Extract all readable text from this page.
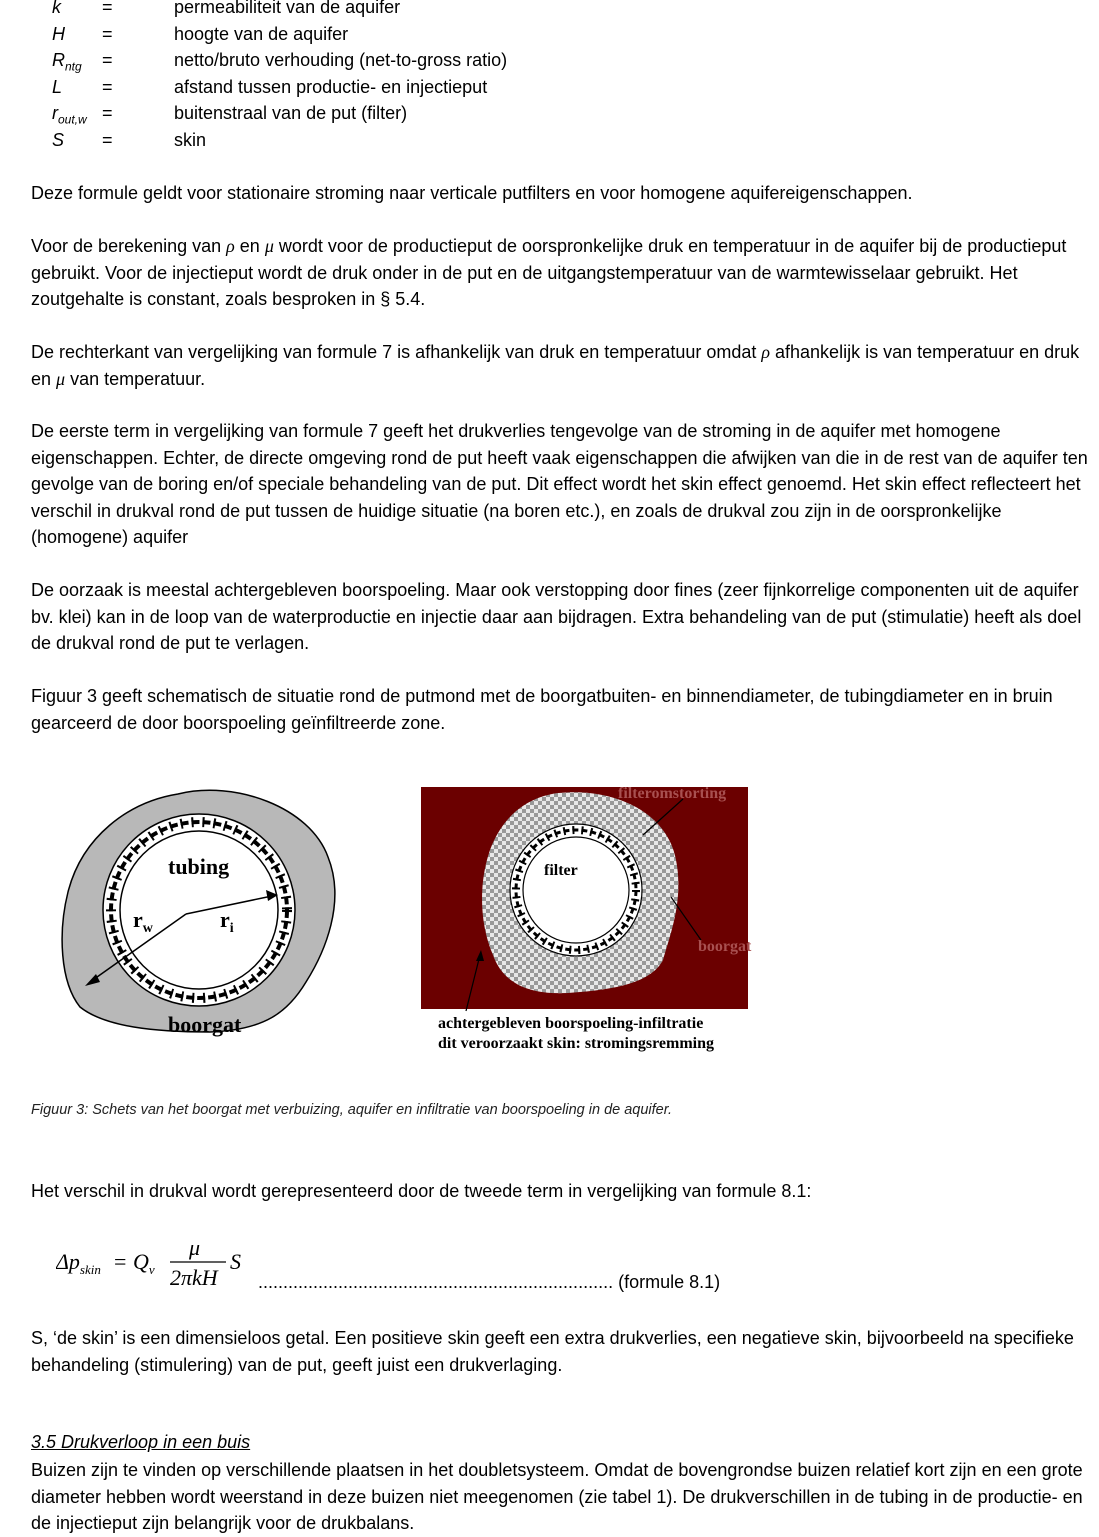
k =	permeabiliteit van de aquifer
H =	hoogte van de aquifer
$R_{ntg}$ =	netto/bruto verhouding (net-to-gross ratio)
L =	afstand tussen productie- en injectieput
$r_{out,w}$ =	buitenstraal van de put (filter)
S =	skin

Deze formule geldt voor stationaire stroming naar verticale putfilters en voor homogene aquifereigenschappen.

Voor de berekening van ρ en μ wordt voor de productieput de oorspronkelijke druk en temperatuur in de aquifer bij de productieput gebruikt. Voor de injectieput wordt de druk onder in de put en de uitgangstemperatuur van de warmtewisselaar gebruikt. Het zoutgehalte is constant, zoals besproken in § 5.4.

De rechterkant van vergelijking van formule 7 is afhankelijk van druk en temperatuur omdat ρ afhankelijk is van temperatuur en druk en μ van temperatuur.

De eerste term in vergelijking van formule 7 geeft het drukverlies tengevolge van de stroming in de aquifer met homogene eigenschappen. Echter, de directe omgeving rond de put heeft vaak eigenschappen die afwijken van die in de rest van de aquifer ten gevolge van de boring en/of speciale behandeling van de put. Dit effect wordt het skin effect genoemd. Het skin effect reflecteert het verschil in drukval rond de put tussen de huidige situatie (na boren etc.), en zoals de drukval zou zijn in de oorspronkelijke (homogene) aquifer

De oorzaak is meestal achtergebleven boorspoeling. Maar ook verstopping door fines (zeer fijnkorrelige componenten uit de aquifer bv. klei) kan in de loop van de waterproductie en injectie daar aan bijdragen. Extra behandeling van de put (stimulatie) heeft als doel de drukval rond de put te verlagen.

Figuur 3 geeft schematisch de situatie rond de putmond met de boorgatbuiten- en binnendiameter, de tubingdiameter en in bruin gearceerd de door boorspoeling geïnfiltreerde zone.

tubing
$r_w$	$r_i$
boorgat
filter
filteromstorting
boorgat
achtergebleven boorspoeling-infiltratie
dit veroorzaakt skin: stromingsremming
Figuur 3: Schets van het boorgat met verbuizing, aquifer en infiltratie van boorspoeling in de aquifer.

Het verschil in drukval wordt gerepresenteerd door de tweede term in vergelijking van formule 8.1:

$\Delta p_{skin} = Q_v$
μ
2πkH
S
....................................................................... (formule 8.1)

S, ‘de skin’ is een dimensieloos getal. Een positieve skin geeft een extra drukverlies, een negatieve skin, bijvoorbeeld na specifieke behandeling (stimulering) van de put, geeft juist een drukverlaging.

3.5 Drukverloop in een buis

Buizen zijn te vinden op verschillende plaatsen in het doubletsysteem. Omdat de bovengrondse buizen relatief kort zijn en een grote diameter hebben wordt weerstand in deze buizen niet meegenomen (zie tabel 1). De drukverschillen in de tubing in de productie- en de injectieput zijn belangrijk voor de drukbalans.
